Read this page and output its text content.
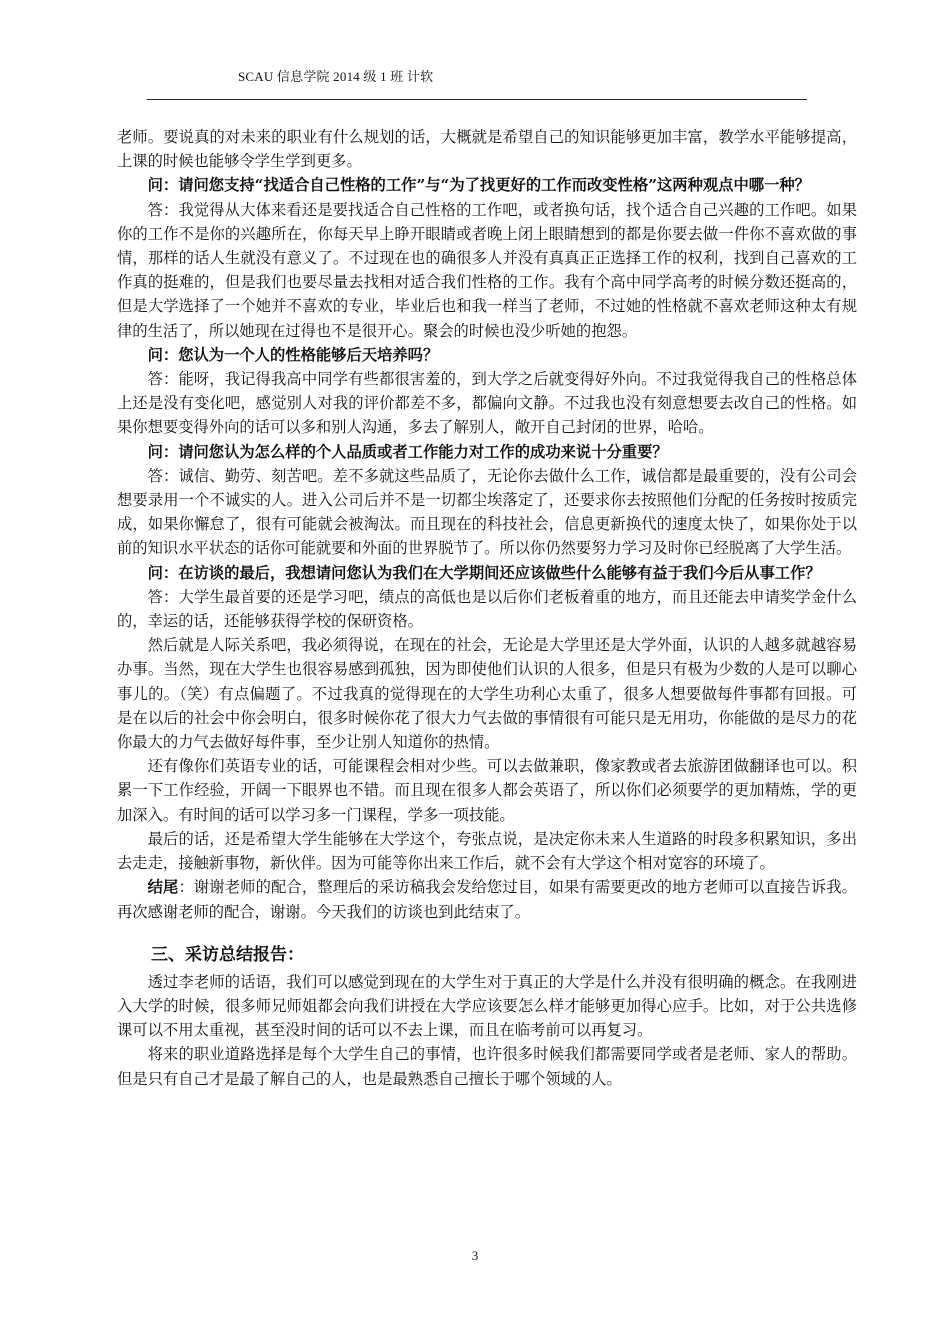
SCAU 信息学院 2014 级 1 班 计软

老师。要说真的对未来的职业有什么规划的话，大概就是希望自己的知识能够更加丰富，教学水平能够提高，上课的时候也能够令学生学到更多。

问：请问您支持“找适合自己性格的工作”与“为了找更好的工作而改变性格”这两种观点中哪一种？

答：我觉得从大体来看还是要找适合自己性格的工作吧，或者换句话，找个适合自己兴趣的工作吧。如果你的工作不是你的兴趣所在，你每天早上睁开眼睛或者晚上闭上眼睛想到的都是你要去做一件你不喜欢做的事情，那样的话人生就没有意义了。不过现在也的确很多人并没有真真正正选择工作的权利，找到自己喜欢的工作真的挺难的，但是我们也要尽量去找相对适合我们性格的工作。我有个高中同学高考的时候分数还挺高的，但是大学选择了一个她并不喜欢的专业，毕业后也和我一样当了老师，不过她的性格就不喜欢老师这种太有规律的生活了，所以她现在过得也不是很开心。聚会的时候也没少听她的抱怨。

问：您认为一个人的性格能够后天培养吗？

答：能呀，我记得我高中同学有些都很害羞的，到大学之后就变得好外向。不过我觉得我自己的性格总体上还是没有变化吧，感觉别人对我的评价都差不多，都偏向文静。不过我也没有刻意想要去改自己的性格。如果你想要变得外向的话可以多和别人沟通，多去了解别人，敞开自己封闭的世界，哈哈。

问：请问您认为怎么样的个人品质或者工作能力对工作的成功来说十分重要？

答：诚信、勤劳、刻苦吧。差不多就这些品质了，无论你去做什么工作，诚信都是最重要的，没有公司会想要录用一个不诚实的人。进入公司后并不是一切都尘埃落定了，还要求你去按照他们分配的任务按时按质完成，如果你懈怠了，很有可能就会被淘汰。而且现在的科技社会，信息更新换代的速度太快了，如果你处于以前的知识水平状态的话你可能就要和外面的世界脱节了。所以你仍然要努力学习及时你已经脱离了大学生活。

问：在访谈的最后，我想请问您认为我们在大学期间还应该做些什么能够有益于我们今后从事工作？

答：大学生最首要的还是学习吧，绩点的高低也是以后你们老板着重的地方，而且还能去申请奖学金什么的，幸运的话，还能够获得学校的保研资格。

然后就是人际关系吧，我必须得说，在现在的社会，无论是大学里还是大学外面，认识的人越多就越容易办事。当然，现在大学生也很容易感到孤独，因为即使他们认识的人很多，但是只有极为少数的人是可以聊心事儿的。（笑）有点偏题了。不过我真的觉得现在的大学生功利心太重了，很多人想要做每件事都有回报。可是在以后的社会中你会明白，很多时候你花了很大力气去做的事情很有可能只是无用功，你能做的是尽力的花你最大的力气去做好每件事，至少让别人知道你的热情。

还有像你们英语专业的话，可能课程会相对少些。可以去做兼职，像家教或者去旅游团做翻译也可以。积累一下工作经验，开阔一下眼界也不错。而且现在很多人都会英语了，所以你们必须要学的更加精炼，学的更加深入。有时间的话可以学习多一门课程，学多一项技能。

最后的话，还是希望大学生能够在大学这个，夸张点说，是决定你未来人生道路的时段多积累知识，多出去走走，接触新事物，新伙伴。因为可能等你出来工作后，就不会有大学这个相对宽容的环境了。

结尾：谢谢老师的配合，整理后的采访稿我会发给您过目，如果有需要更改的地方老师可以直接告诉我。再次感谢老师的配合，谢谢。今天我们的访谈也到此结束了。

三、采访总结报告：

透过李老师的话语，我们可以感觉到现在的大学生对于真正的大学是什么并没有很明确的概念。在我刚进入大学的时候，很多师兄师姐都会向我们讲授在大学应该要怎么样才能够更加得心应手。比如，对于公共选修课可以不用太重视，甚至没时间的话可以不去上课，而且在临考前可以再复习。

将来的职业道路选择是每个大学生自己的事情，也许很多时候我们都需要同学或者是老师、家人的帮助。但是只有自己才是最了解自己的人，也是最熟悉自己擅长于哪个领域的人。

3
